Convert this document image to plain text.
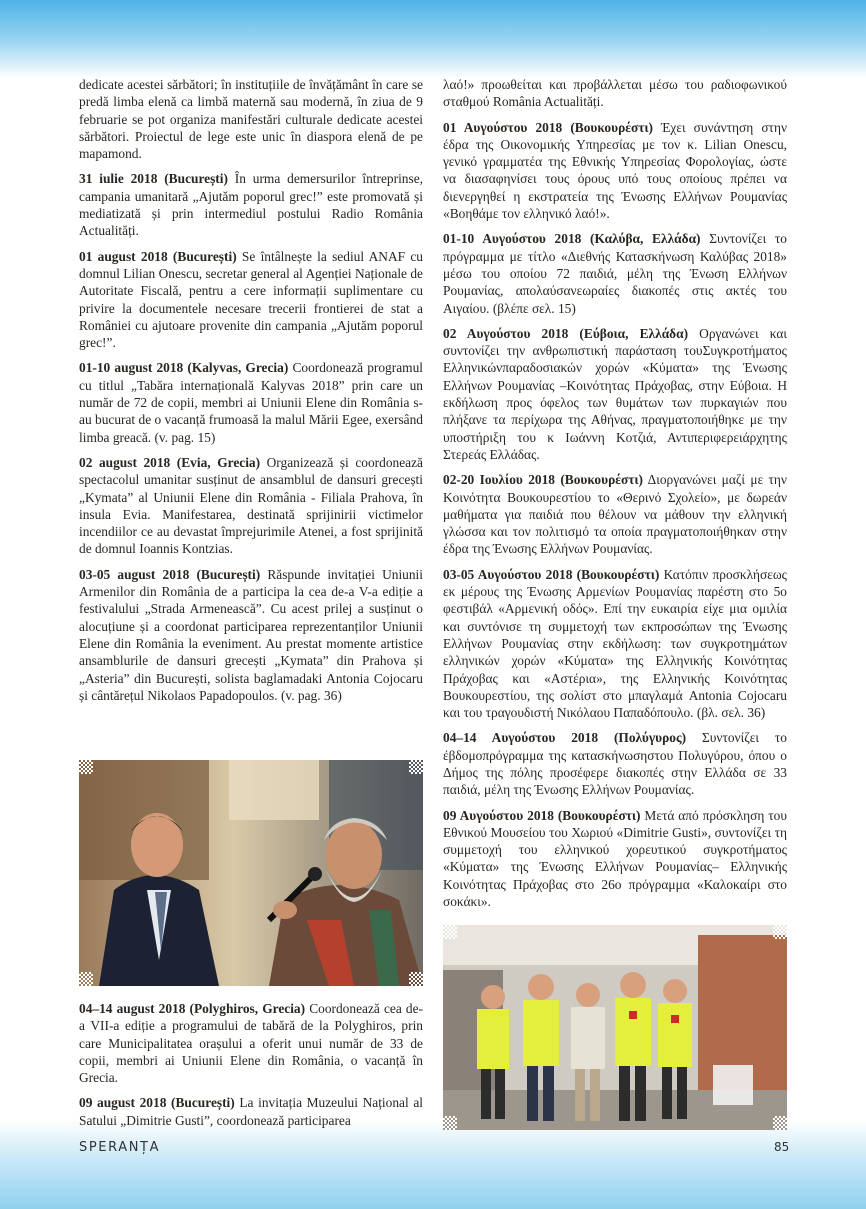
dedicate acestei sărbători; în instituțiile de învățământ în care se predă limba elenă ca limbă maternă sau modernă, în ziua de 9 februarie se pot organiza manifestări culturale dedicate acestei sărbători. Proiectul de lege este unic în diaspora elenă de pe mapamond.

31 iulie 2018 (București) În urma demersurilor întreprinse, campania umanitară „Ajutăm poporul grec!” este promovată și mediatizată și prin intermediul postului Radio România Actualități.

01 august 2018 (București) Se întâlnește la sediul ANAF cu domnul Lilian Onescu, secretar general al Agenției Naționale de Autoritate Fiscală, pentru a cere informații suplimentare cu privire la documentele necesare trecerii frontierei de stat a României cu ajutoare provenite din campania „Ajutăm poporul grec!”.

01-10 august 2018 (Kalyvas, Grecia) Coordonează programul cu titlul „Tabăra internațională Kalyvas 2018” prin care un număr de 72 de copii, membri ai Uniunii Elene din România s-au bucurat de o vacanță frumoasă la malul Mării Egee, exersând limba greacă. (v. pag. 15)

02 august 2018 (Evia, Grecia) Organizează și coordonează spectacolul umanitar susținut de ansamblul de dansuri grecești „Kymata” al Uniunii Elene din România - Filiala Prahova, în insula Evia. Manifestarea, destinată sprijinirii victimelor incendiilor ce au devastat împrejurimile Atenei, a fost sprijinită de domnul Ioannis Kontzias.

03-05 august 2018 (București) Răspunde invitației Uniunii Armenilor din România de a participa la cea de-a V-a ediție a festivalului „Strada Armenească”. Cu acest prilej a susținut o alocuțiune și a coordonat participarea reprezentanților Uniunii Elene din România la eveniment. Au prestat momente artistice ansamblurile de dansuri grecești „Kymata” din Prahova și „Asteria” din București, solista baglamadaki Antonia Cojocaru și cântărețul Nikolaos Papadopoulos. (v. pag. 36)

04–14 august 2018 (Polyghiros, Grecia) Coordonează cea de-a VII-a ediție a programului de tabără de la Polyghiros, prin care Municipalitatea orașului a oferit unui număr de 33 de copii, membri ai Uniunii Elene din România, o vacanță în Grecia.

09 august 2018 (București) La invitația Muzeului Național al Satului „Dimitrie Gusti”, coordonează participarea

λαό!» προωθείται και προβάλλεται μέσω του ραδιοφωνικού σταθμού România Actualități.

01 Αυγούστου 2018 (Βουκουρέστι) Έχει συνάντηση στην έδρα της Οικονομικής Υπηρεσίας με τον κ. Lilian Onescu, γενικό γραμματέα της Εθνικής Υπηρεσίας Φορολογίας, ώστε να διασαφηνίσει τους όρους υπό τους οποίους πρέπει να διενεργηθεί η εκστρατεία της Ένωσης Ελλήνων Ρουμανίας «Βοηθάμε τον ελληνικό λαό!».

01-10 Αυγούστου 2018 (Καλύβα, Ελλάδα) Συντονίζει το πρόγραμμα με τίτλο «Διεθνής Κατασκήνωση Καλύβας 2018» μέσω του οποίου 72 παιδιά, μέλη της Ένωση Ελλήνων Ρουμανίας, απολαύσανεωραίες διακοπές στις ακτές του Αιγαίου. (βλέπε σελ. 15)

02 Αυγούστου 2018 (Εύβοια, Ελλάδα) Οργανώνει και συντονίζει την ανθρωπιστική παράσταση τουΣυγκροτήματος Ελληνικώνπαραδοσιακών χορών «Κύματα» της Ένωσης Ελλήνων Ρουμανίας –Κοινότητας Πράχοβας, στην Εύβοια. Η εκδήλωση προς όφελος των θυμάτων των πυρκαγιών που πλήξανε τα περίχωρα της Αθήνας, πραγματοποιήθηκε με την υποστήριξη του κ Ιωάννη Κοτζιά, Αντιπεριφερειάρχητης Στερεάς Ελλάδας.

02-20 Ιουλίου 2018 (Βουκουρέστι) Διοργανώνει μαζί με την Κοινότητα Βουκουρεστίου το «Θερινό Σχολείο», με δωρεάν μαθήματα για παιδιά που θέλουν να μάθουν την ελληνική γλώσσα και τον πολιτισμό τα οποία πραγματοποιήθηκαν στην έδρα της Ένωσης Ελλήνων Ρουμανίας.

03-05 Αυγούστου 2018 (Βουκουρέστι) Κατόπιν προσκλήσεως εκ μέρους της Ένωσης Αρμενίων Ρουμανίας παρέστη στο 5ο φεστιβάλ «Αρμενική οδός». Επί την ευκαιρία είχε μια ομιλία και συντόνισε τη συμμετοχή των εκπροσώπων της Ένωσης Ελλήνων Ρουμανίας στην εκδήλωση: των συγκροτημάτων ελληνικών χορών «Κύματα» της Ελληνικής Κοινότητας Πράχοβας και «Αστέρια», της Ελληνικής Κοινότητας Βουκουρεστίου, της σολίστ στο μπαγλαμά Antonia Cojocaru και του τραγουδιστή Νικόλαου Παπαδόπουλο. (βλ. σελ. 36)

04–14 Αυγούστου 2018 (Πολύγυρος) Συντονίζει το έβδομοπρόγραμμα της κατασκήνωσηστου Πολυγύρου, όπου ο Δήμος της πόλης προσέφερε διακοπές στην Ελλάδα σε 33 παιδιά, μέλη της Ένωσης Ελλήνων Ρουμανίας.

09 Αυγούστου 2018 (Βουκουρέστι) Μετά από πρόσκληση του Εθνικού Μουσείου του Χωριού «Dimitrie Gusti», συντονίζει τη συμμετοχή του ελληνικού χορευτικού συγκροτήματος «Κύματα» της Ένωσης Ελλήνων Ρουμανίας– Ελληνικής Κοινότητας Πράχοβας στο 26ο πρόγραμμα «Καλοκαίρι στο σοκάκι».

SPERANȚA	85
